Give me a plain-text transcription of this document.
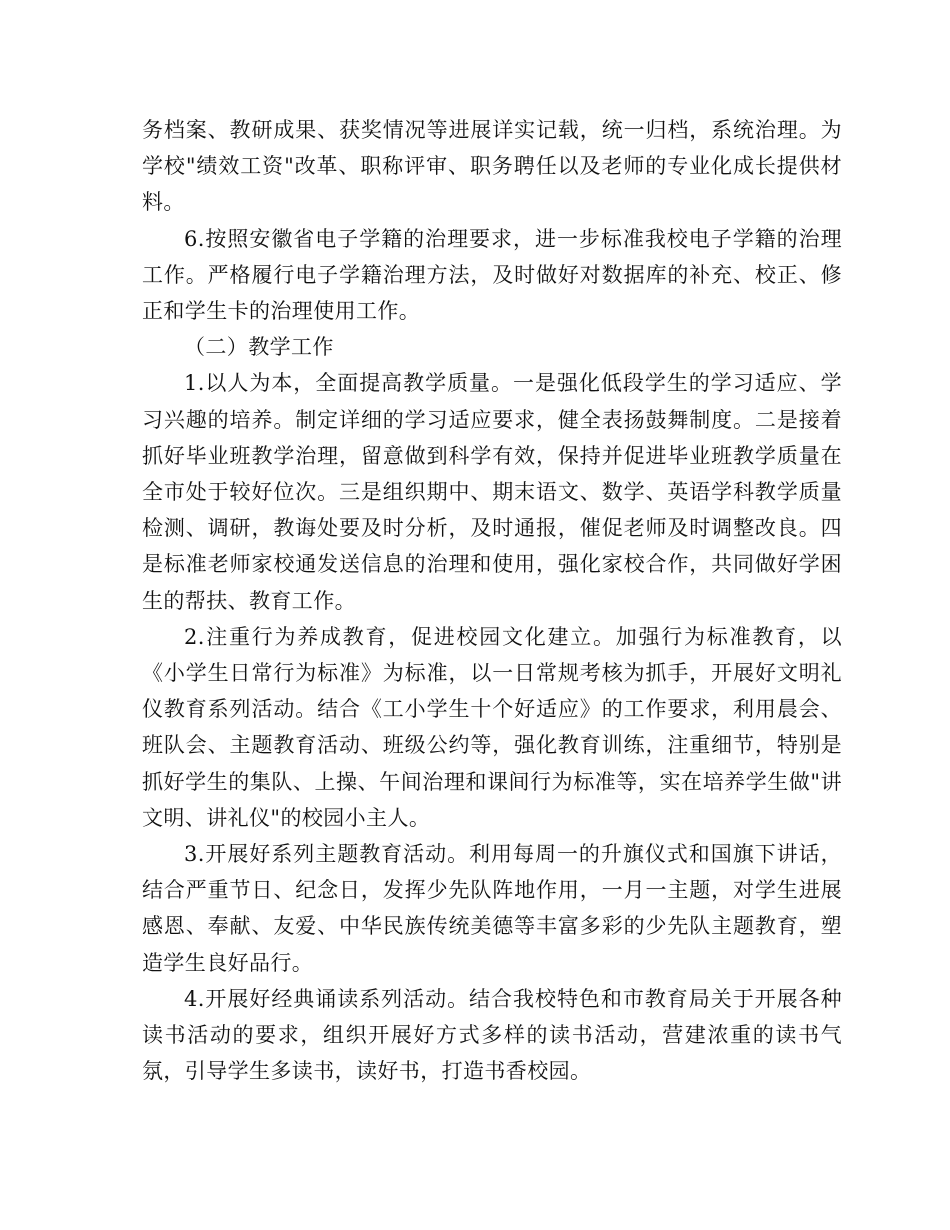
务档案、教研成果、获奖情况等进展详实记载，统一归档，系统治理。为学校"绩效工资"改革、职称评审、职务聘任以及老师的专业化成长提供材料。

6.按照安徽省电子学籍的治理要求，进一步标准我校电子学籍的治理工作。严格履行电子学籍治理方法，及时做好对数据库的补充、校正、修正和学生卡的治理使用工作。

（二）教学工作

1.以人为本，全面提高教学质量。一是强化低段学生的学习适应、学习兴趣的培养。制定详细的学习适应要求，健全表扬鼓舞制度。二是接着抓好毕业班教学治理，留意做到科学有效，保持并促进毕业班教学质量在全市处于较好位次。三是组织期中、期末语文、数学、英语学科教学质量检测、调研，教诲处要及时分析，及时通报，催促老师及时调整改良。四是标准老师家校通发送信息的治理和使用，强化家校合作，共同做好学困生的帮扶、教育工作。

2.注重行为养成教育，促进校园文化建立。加强行为标准教育，以《小学生日常行为标准》为标准，以一日常规考核为抓手，开展好文明礼仪教育系列活动。结合《工小学生十个好适应》的工作要求，利用晨会、班队会、主题教育活动、班级公约等，强化教育训练，注重细节，特别是抓好学生的集队、上操、午间治理和课间行为标准等，实在培养学生做"讲文明、讲礼仪"的校园小主人。

3.开展好系列主题教育活动。利用每周一的升旗仪式和国旗下讲话，结合严重节日、纪念日，发挥少先队阵地作用，一月一主题，对学生进展感恩、奉献、友爱、中华民族传统美德等丰富多彩的少先队主题教育，塑造学生良好品行。

4.开展好经典诵读系列活动。结合我校特色和市教育局关于开展各种读书活动的要求，组织开展好方式多样的读书活动，营建浓重的读书气氛，引导学生多读书，读好书，打造书香校园。
